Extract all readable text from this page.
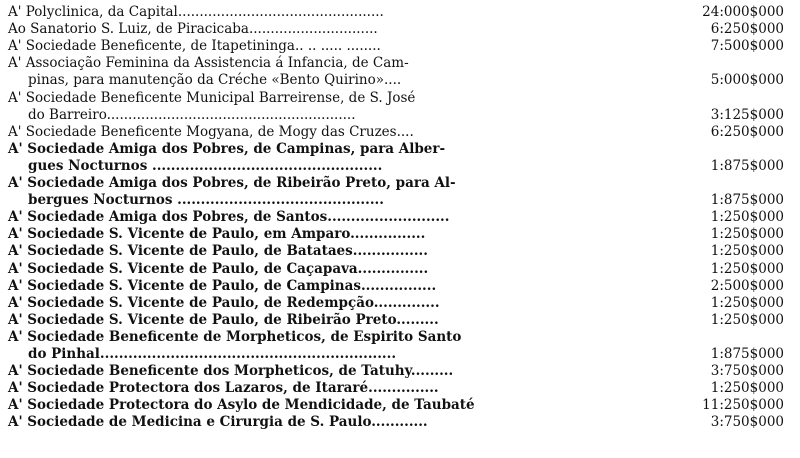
A' Polyclinica, da Capital................................................	24:000$000
Ao Sanatorio S. Luiz, de Piracicaba..............................	6:250$000
A' Sociedade Beneficente, de Itapetininga.. .. ..... ........	7:500$000
A' Associação Feminina da Assistencia á Infancia, de Cam-
pinas, para manutenção da Créche «Bento Quirino»....	5:000$000
A' Sociedade Beneficente Municipal Barreirense, de S. José
do Barreiro..........................................................	3:125$000
A' Sociedade Beneficente Mogyana, de Mogy das Cruzes....	6:250$000
A' Sociedade Amiga dos Pobres, de Campinas, para Alber-
gues Nocturnos .................................................	1:875$000
A' Sociedade Amiga dos Pobres, de Ribeirão Preto, para Al-
bergues Nocturnos ............................................	1:875$000
A' Sociedade Amiga dos Pobres, de Santos..........................	1:250$000
A' Sociedade S. Vicente de Paulo, em Amparo................	1:250$000
A' Sociedade S. Vicente de Paulo, de Batataes................	1:250$000
A' Sociedade S. Vicente de Paulo, de Caçapava...............	1:250$000
A' Sociedade S. Vicente de Paulo, de Campinas................	2:500$000
A' Sociedade S. Vicente de Paulo, de Redempção..............	1:250$000
A' Sociedade S. Vicente de Paulo, de Ribeirão Preto.........	1:250$000
A' Sociedade Beneficente de Morpheticos, de Espirito Santo
do Pinhal...............................................................	1:875$000
A' Sociedade Beneficente dos Morpheticos, de Tatuhy.........	3:750$000
A' Sociedade Protectora dos Lazaros, de Itararé...............	1:250$000
A' Sociedade Protectora do Asylo de Mendicidade, de Taubaté	11:250$000
A' Sociedade de Medicina e Cirurgia de S. Paulo............	3:750$000
